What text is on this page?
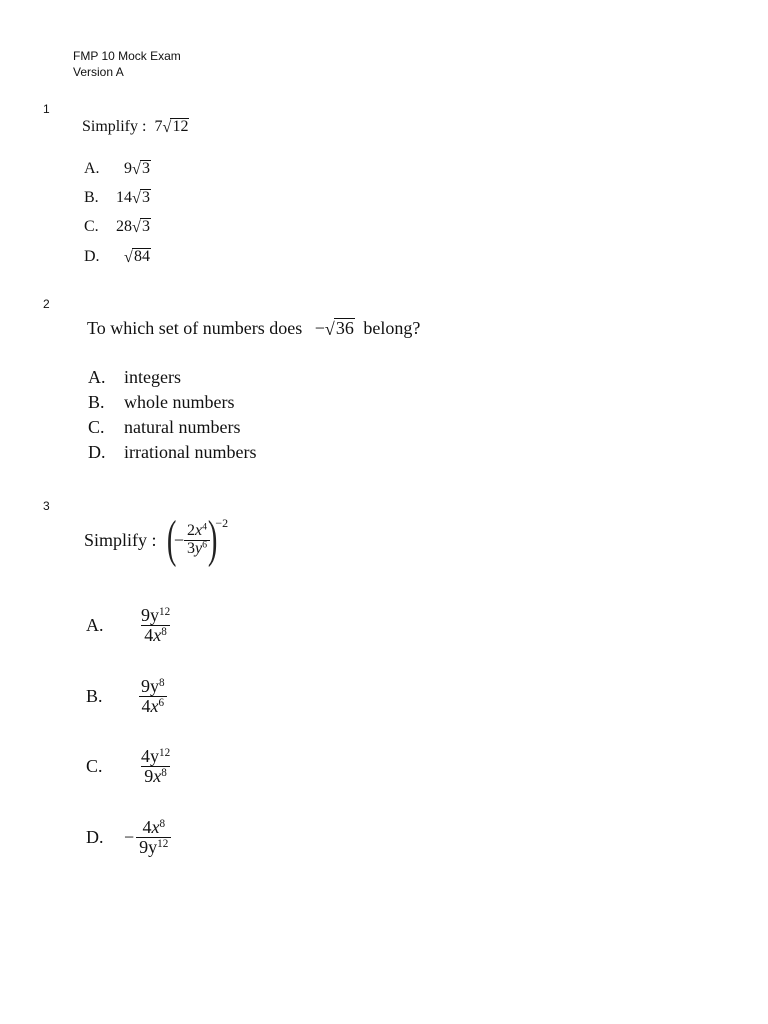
FMP 10 Mock Exam
Version A
1
Simplify : 7√12
A. 9√3
B. 14√3
C. 28√3
D. √84
2
To which set of numbers does −√36 belong?
A. integers
B. whole numbers
C. natural numbers
D. irrational numbers
3
Simplify : (
− $\frac{2x^4}{3y^6}$
)
−2
A.	$\frac{9y^{12}}{4x^8}$
B.	$\frac{9y^8}{4x^6}$
C.	$\frac{4y^{12}}{9x^8}$
D.	− $\frac{4x^8}{9y^{12}}$
